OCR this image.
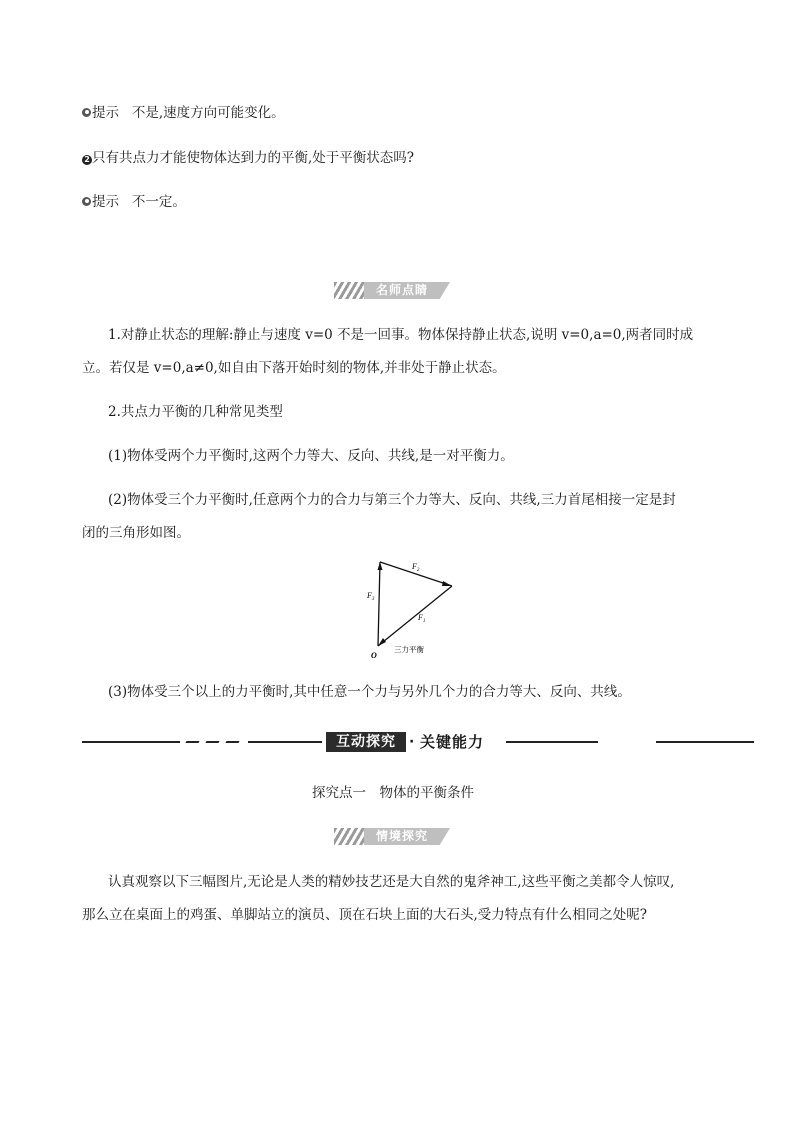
提示 不是,速度方向可能变化。
2 只有共点力才能使物体达到力的平衡,处于平衡状态吗?
提示 不一定。
名师点睛
1.对静止状态的理解:静止与速度 v=0 不是一回事。物体保持静止状态,说明 v=0,a=0,两者同时成
立。若仅是 v=0,a≠0,如自由下落开始时刻的物体,并非处于静止状态。
2.共点力平衡的几种常见类型
(1)物体受两个力平衡时,这两个力等大、反向、共线,是一对平衡力。
(2)物体受三个力平衡时,任意两个力的合力与第三个力等大、反向、共线,三力首尾相接一定是封
闭的三角形如图。
$F_2$
$F_3$
$F_1$
O
三力平衡
(3)物体受三个以上的力平衡时,其中任意一个力与另外几个力的合力等大、反向、共线。
互动探究 · 关键能力
探究点一　物体的平衡条件
情境探究
认真观察以下三幅图片,无论是人类的精妙技艺还是大自然的鬼斧神工,这些平衡之美都令人惊叹,
那么立在桌面上的鸡蛋、单脚站立的演员、顶在石块上面的大石头,受力特点有什么相同之处呢?
